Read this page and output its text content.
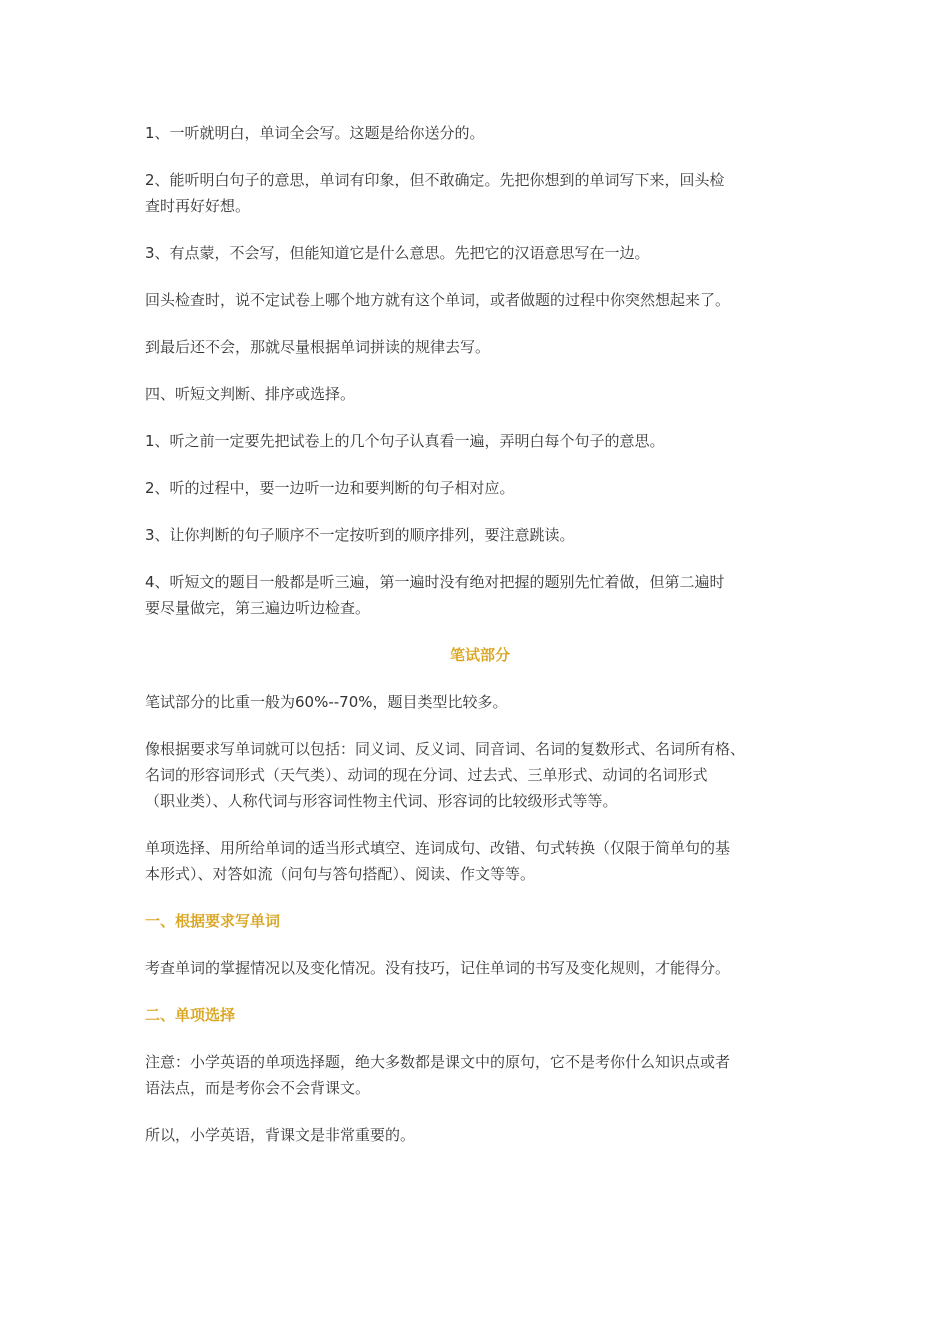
1、一听就明白，单词全会写。这题是给你送分的。

2、能听明白句子的意思，单词有印象，但不敢确定。先把你想到的单词写下来，回头检
查时再好好想。

3、有点蒙，不会写，但能知道它是什么意思。先把它的汉语意思写在一边。

回头检查时，说不定试卷上哪个地方就有这个单词，或者做题的过程中你突然想起来了。

到最后还不会，那就尽量根据单词拼读的规律去写。

四、听短文判断、排序或选择。

1、听之前一定要先把试卷上的几个句子认真看一遍，弄明白每个句子的意思。

2、听的过程中，要一边听一边和要判断的句子相对应。

3、让你判断的句子顺序不一定按听到的顺序排列，要注意跳读。

4、听短文的题目一般都是听三遍，第一遍时没有绝对把握的题别先忙着做，但第二遍时
要尽量做完，第三遍边听边检查。

笔试部分

笔试部分的比重一般为60%--70%，题目类型比较多。

像根据要求写单词就可以包括：同义词、反义词、同音词、名词的复数形式、名词所有格、
名词的形容词形式（天气类）、动词的现在分词、过去式、三单形式、动词的名词形式
（职业类）、人称代词与形容词性物主代词、形容词的比较级形式等等。

单项选择、用所给单词的适当形式填空、连词成句、改错、句式转换（仅限于简单句的基
本形式）、对答如流（问句与答句搭配）、阅读、作文等等。

一、根据要求写单词

考查单词的掌握情况以及变化情况。没有技巧，记住单词的书写及变化规则，才能得分。

二、单项选择

注意：小学英语的单项选择题，绝大多数都是课文中的原句，它不是考你什么知识点或者
语法点，而是考你会不会背课文。

所以，小学英语，背课文是非常重要的。
